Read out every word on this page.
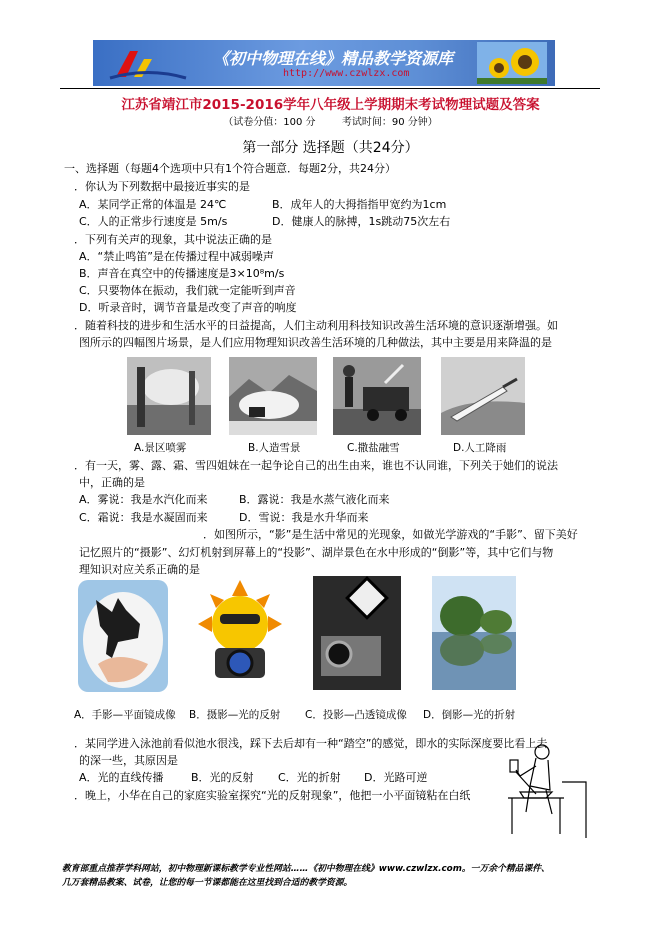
《初中物理在线》精品教学资源库
http://www.czwlzx.com
江苏省靖江市2015-2016学年八年级上学期期末考试物理试题及答案
（试卷分值：100 分	考试时间：90 分钟）
第一部分 选择题（共24分）
一、选择题（每题4个选项中只有1个符合题意．每题2分，共24分）
．你认为下列数据中最接近事实的是
A．某同学正常的体温是 24℃	B．成年人的大拇指指甲宽约为1cm
C．人的正常步行速度是 5m/s	D．健康人的脉搏，1s跳动75次左右
．下列有关声的现象，其中说法正确的是
A．“禁止鸣笛”是在传播过程中减弱噪声
B．声音在真空中的传播速度是3×10⁸m/s
C．只要物体在振动，我们就一定能听到声音
D．听录音时，调节音量是改变了声音的响度
．随着科技的进步和生活水平的日益提高，人们主动利用科技知识改善生活环境的意识逐渐增强。如
图所示的四幅图片场景，是人们应用物理知识改善生活环境的几种做法，其中主要是用来降温的是
A.景区喷雾	B.人造雪景	C.撒盐融雪	D.人工降雨
．有一天，雾、露、霜、雪四姐妹在一起争论自己的出生由来，谁也不认同谁，下列关于她们的说法
中，正确的是
A．雾说：我是水汽化而来	B．露说：我是水蒸气液化而来
C．霜说：我是水凝固而来	D．雪说：我是水升华而来
．如图所示，“影”是生活中常见的光现象，如做光学游戏的“手影”、留下美好
记忆照片的“摄影”、幻灯机射到屏幕上的“投影”、湖岸景色在水中形成的“倒影”等，其中它们与物
理知识对应关系正确的是
A．手影—平面镜成像 B．摄影—光的反射 C．投影—凸透镜成像 D．倒影—光的折射
．某同学进入泳池前看似池水很浅，踩下去后却有一种“踏空”的感觉，即水的实际深度要比看上去
的深一些，其原因是
A．光的直线传播 B．光的反射 C．光的折射 D．光路可逆
．晚上，小华在自己的家庭实验室探究“光的反射现象”，他把一小平面镜粘在白纸
教育部重点推荐学科网站，初中物理新课标教学专业性网站……《初中物理在线》www.czwlzx.com。一万余个精品课件、
几万套精品教案、试卷，让您的每一节课都能在这里找到合适的教学资源。
